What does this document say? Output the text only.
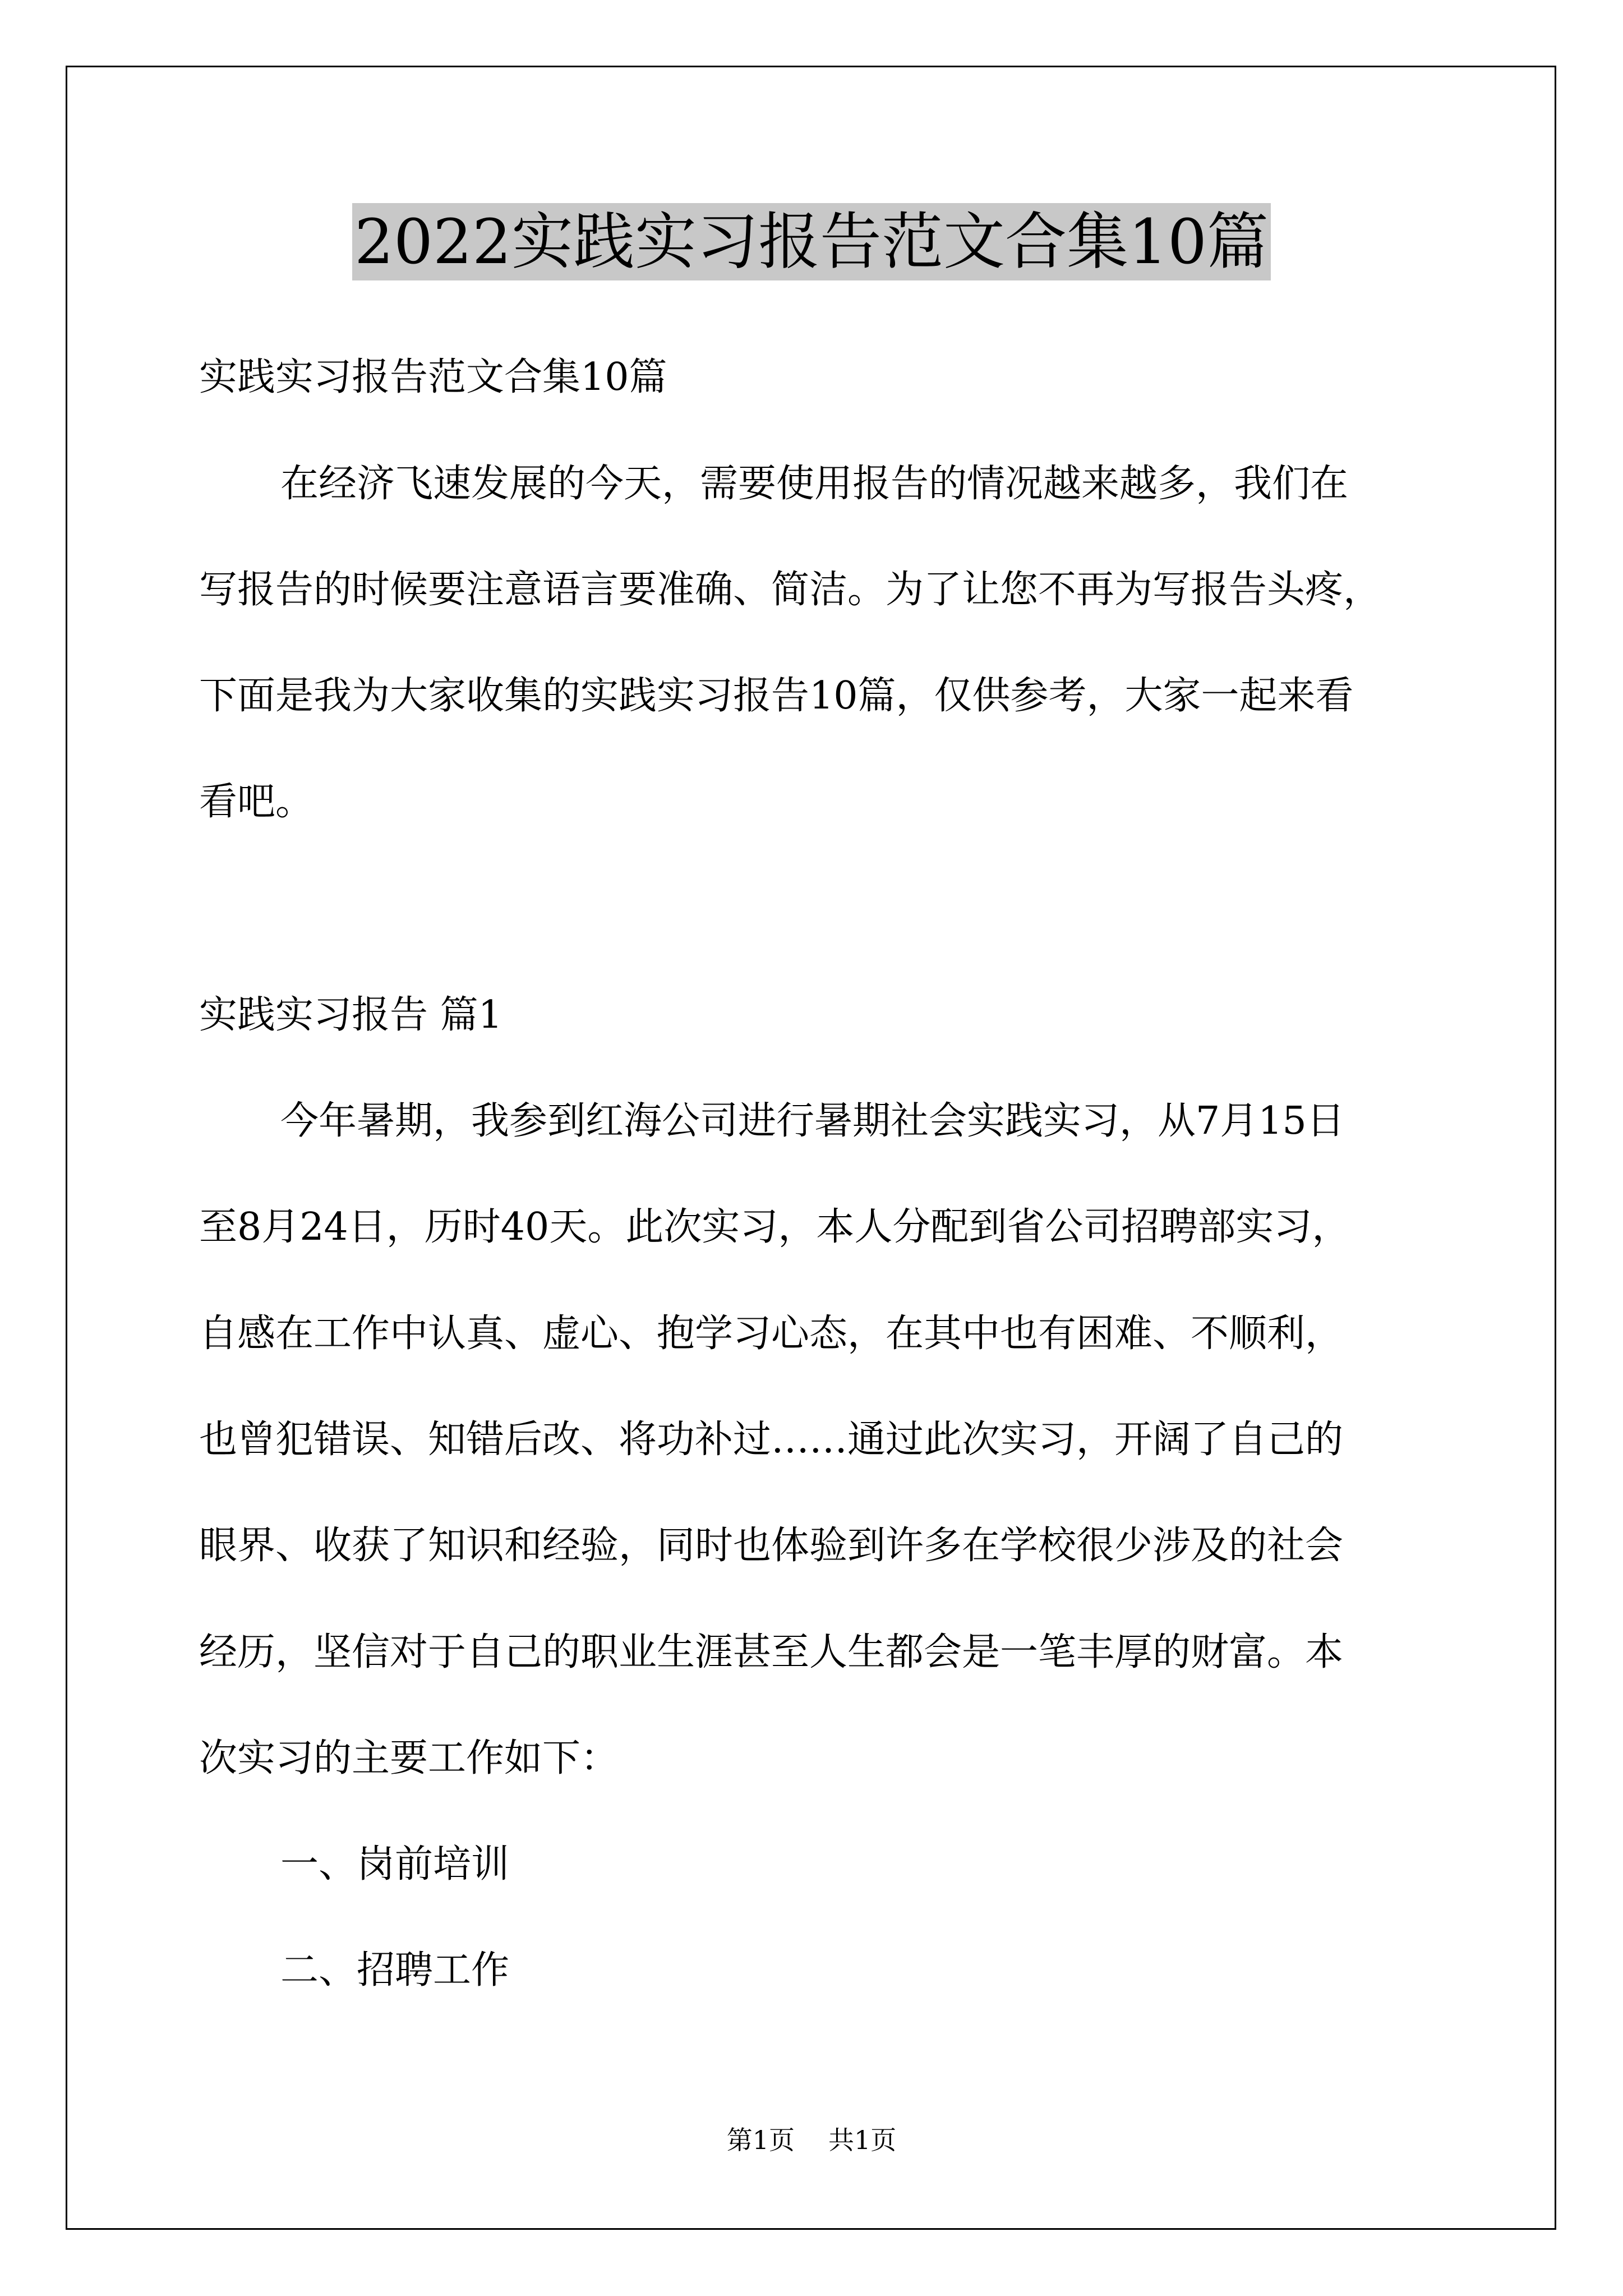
2022实践实习报告范文合集10篇
实践实习报告范文合集10篇
在经济飞速发展的今天，需要使用报告的情况越来越多，我们在
写报告的时候要注意语言要准确、简洁。为了让您不再为写报告头疼，
下面是我为大家收集的实践实习报告10篇，仅供参考，大家一起来看
看吧。
实践实习报告 篇1
今年暑期，我参到红海公司进行暑期社会实践实习，从7月15日
至8月24日，历时40天。此次实习，本人分配到省公司招聘部实习，
自感在工作中认真、虚心、抱学习心态，在其中也有困难、不顺利，
也曾犯错误、知错后改、将功补过……通过此次实习，开阔了自己的
眼界、收获了知识和经验，同时也体验到许多在学校很少涉及的社会
经历，坚信对于自己的职业生涯甚至人生都会是一笔丰厚的财富。本
次实习的主要工作如下：
一、岗前培训
二、招聘工作
第1页 共1页
